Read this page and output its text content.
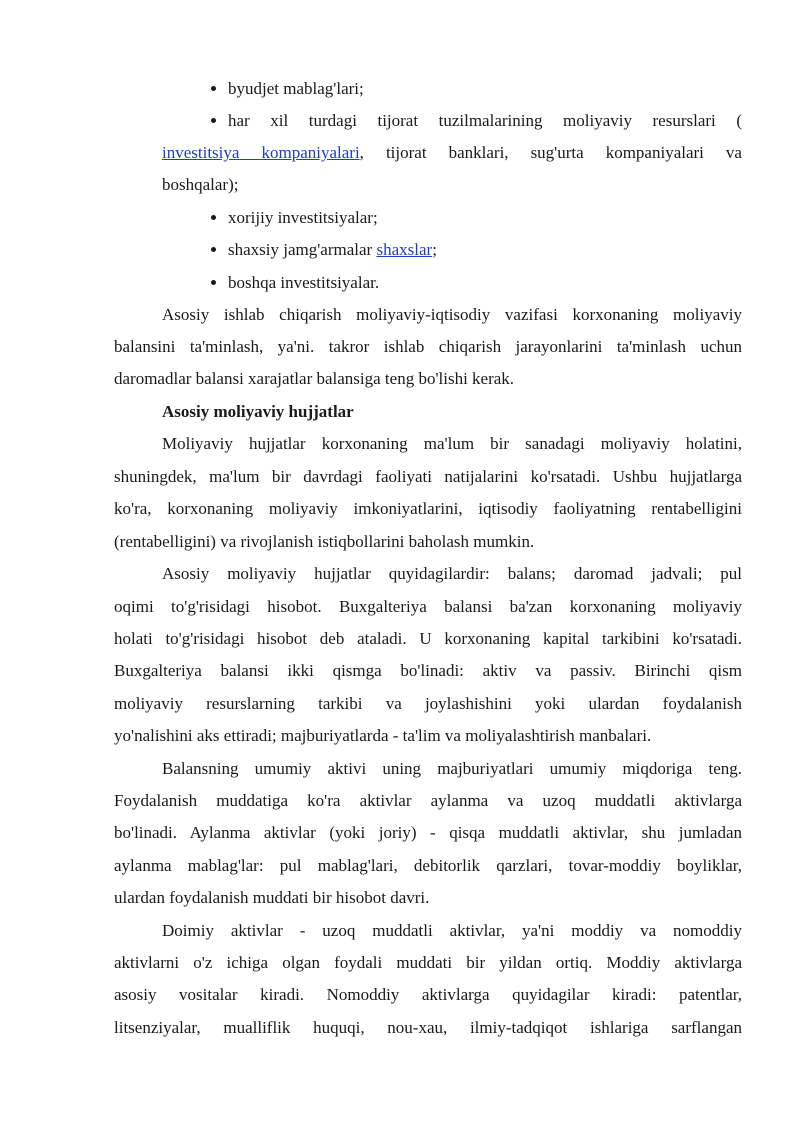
byudjet mablag'lari;
har xil turdagi tijorat tuzilmalarining moliyaviy resurslari (
investitsiya kompaniyalari, tijorat banklari, sug'urta kompaniyalari va
boshqalar);
xorijiy investitsiyalar;
shaxsiy jamg'armalar shaxslar;
boshqa investitsiyalar.
Asosiy ishlab chiqarish moliyaviy-iqtisodiy vazifasi korxonaning moliyaviy
balansini ta'minlash, ya'ni. takror ishlab chiqarish jarayonlarini ta'minlash uchun
daromadlar balansi xarajatlar balansiga teng bo'lishi kerak.
Asosiy moliyaviy hujjatlar
Moliyaviy hujjatlar korxonaning ma'lum bir sanadagi moliyaviy holatini,
shuningdek, ma'lum bir davrdagi faoliyati natijalarini ko'rsatadi. Ushbu hujjatlarga
ko'ra, korxonaning moliyaviy imkoniyatlarini, iqtisodiy faoliyatning rentabelligini
(rentabelligini) va rivojlanish istiqbollarini baholash mumkin.
Asosiy moliyaviy hujjatlar quyidagilardir: balans; daromad jadvali; pul
oqimi to'g'risidagi hisobot. Buxgalteriya balansi ba'zan korxonaning moliyaviy
holati to'g'risidagi hisobot deb ataladi. U korxonaning kapital tarkibini ko'rsatadi.
Buxgalteriya balansi ikki qismga bo'linadi: aktiv va passiv. Birinchi qism
moliyaviy resurslarning tarkibi va joylashishini yoki ulardan foydalanish
yo'nalishini aks ettiradi; majburiyatlarda - ta'lim va moliyalashtirish manbalari.
Balansning umumiy aktivi uning majburiyatlari umumiy miqdoriga teng.
Foydalanish muddatiga ko'ra aktivlar aylanma va uzoq muddatli aktivlarga
bo'linadi. Aylanma aktivlar (yoki joriy) - qisqa muddatli aktivlar, shu jumladan
aylanma mablag'lar: pul mablag'lari, debitorlik qarzlari, tovar-moddiy boyliklar,
ulardan foydalanish muddati bir hisobot davri.
Doimiy aktivlar - uzoq muddatli aktivlar, ya'ni moddiy va nomoddiy
aktivlarni o'z ichiga olgan foydali muddati bir yildan ortiq. Moddiy aktivlarga
asosiy vositalar kiradi. Nomoddiy aktivlarga quyidagilar kiradi: patentlar,
litsenziyalar, mualliflik huquqi, nou-xau, ilmiy-tadqiqot ishlariga sarflangan
